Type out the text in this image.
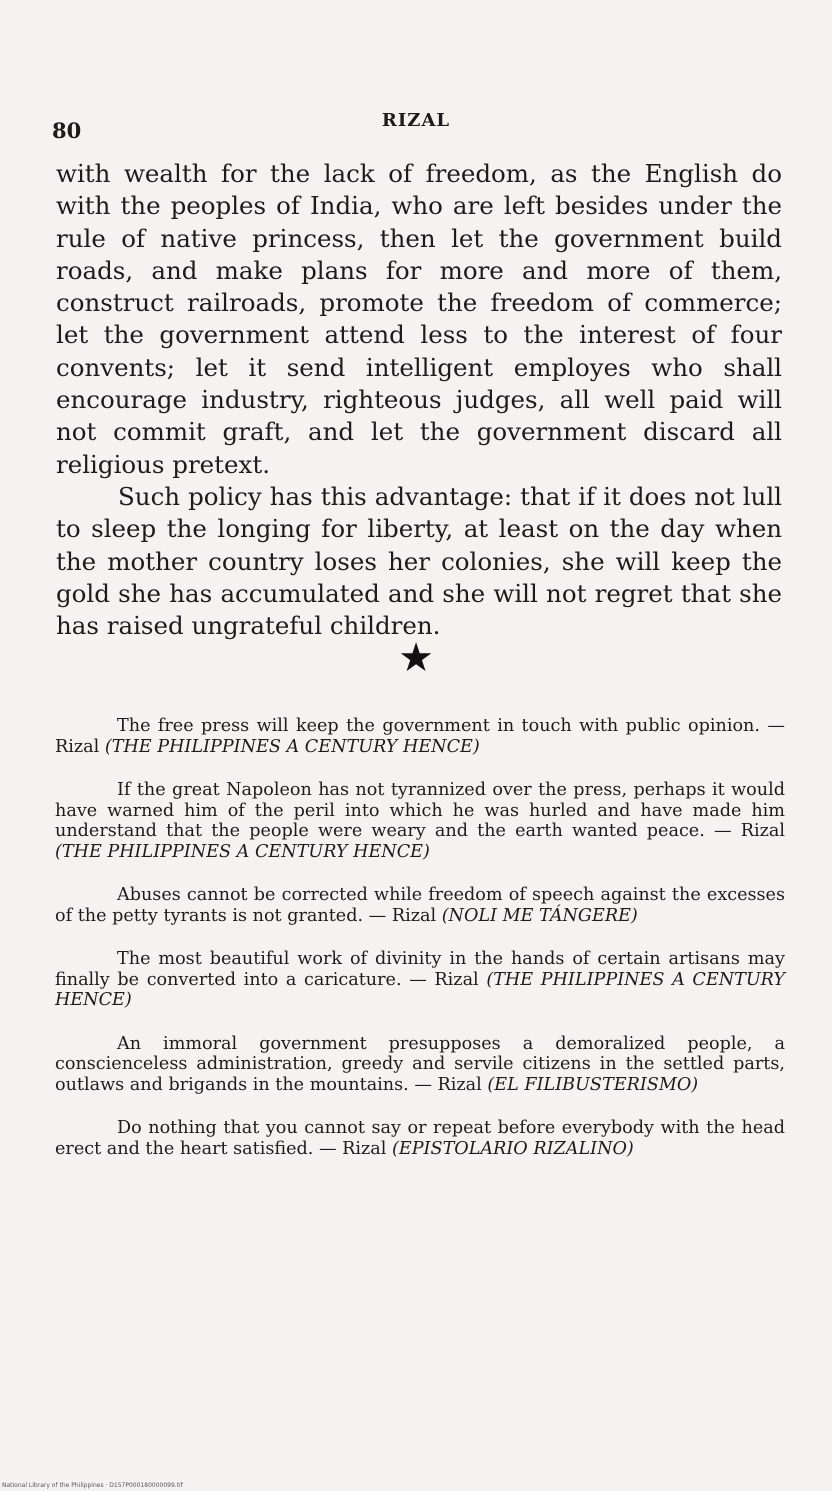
80	RIZAL

with wealth for the lack of freedom, as the English do with the peoples of India, who are left besides under the rule of native princess, then let the government build roads, and make plans for more and more of them, construct railroads, promote the freedom of commerce; let the government attend less to the interest of four convents; let it send intelligent employes who shall encourage industry, righteous judges, all well paid will not commit graft, and let the government discard all religious pretext.

Such policy has this advantage: that if it does not lull to sleep the longing for liberty, at least on the day when the mother country loses her colonies, she will keep the gold she has accumulated and she will not regret that she has raised ungrateful children.

★

The free press will keep the government in touch with public opinion. — Rizal (THE PHILIPPINES A CENTURY HENCE)

If the great Napoleon has not tyrannized over the press, perhaps it would have warned him of the peril into which he was hurled and have made him understand that the people were weary and the earth wanted peace. — Rizal (THE PHILIPPINES A CENTURY HENCE)

Abuses cannot be corrected while freedom of speech against the excesses of the petty tyrants is not granted. — Rizal (NOLI ME TÁNGERE)

The most beautiful work of divinity in the hands of certain artisans may finally be converted into a caricature. — Rizal (THE PHILIPPINES A CENTURY HENCE)

An immoral government presupposes a demoralized people, a conscienceless administration, greedy and servile citizens in the settled parts, outlaws and brigands in the mountains. — Rizal (EL FILIBUSTERISMO)

Do nothing that you cannot say or repeat before everybody with the head erect and the heart satisfied. — Rizal (EPISTOLARIO RIZALINO)

National Library of the Philippines · D157P000180000099.tif
